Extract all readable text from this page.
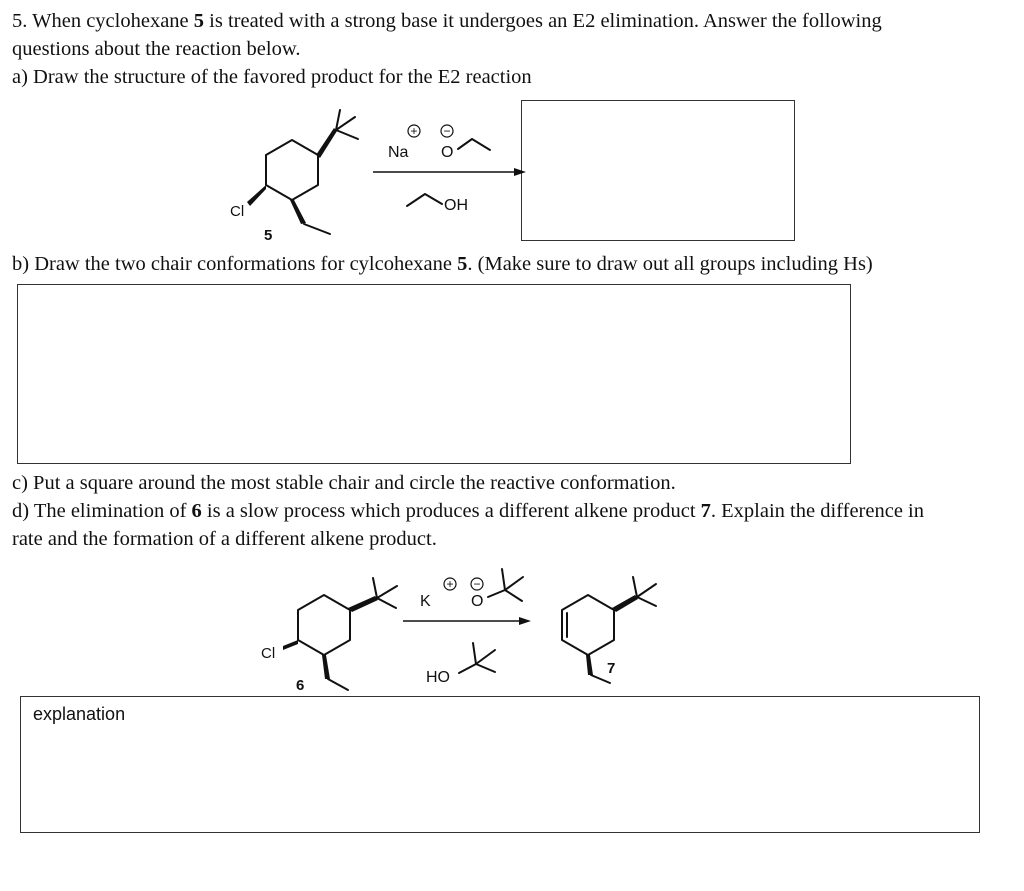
5. When cyclohexane 5 is treated with a strong base it undergoes an E2 elimination. Answer the following
questions about the reaction below.
a) Draw the structure of the favored product for the E2 reaction
b) Draw the two chair conformations for cylcohexane 5. (Make sure to draw out all groups including Hs)
c) Put a square around the most stable chair and circle the reactive conformation.
d) The elimination of 6 is a slow process which produces a different alkene product 7. Explain the difference in
rate and the formation of a different alkene product.
explanation
Cl
5
+ −
Na O
OH
Cl
6
+ −
K	O
HO
7
